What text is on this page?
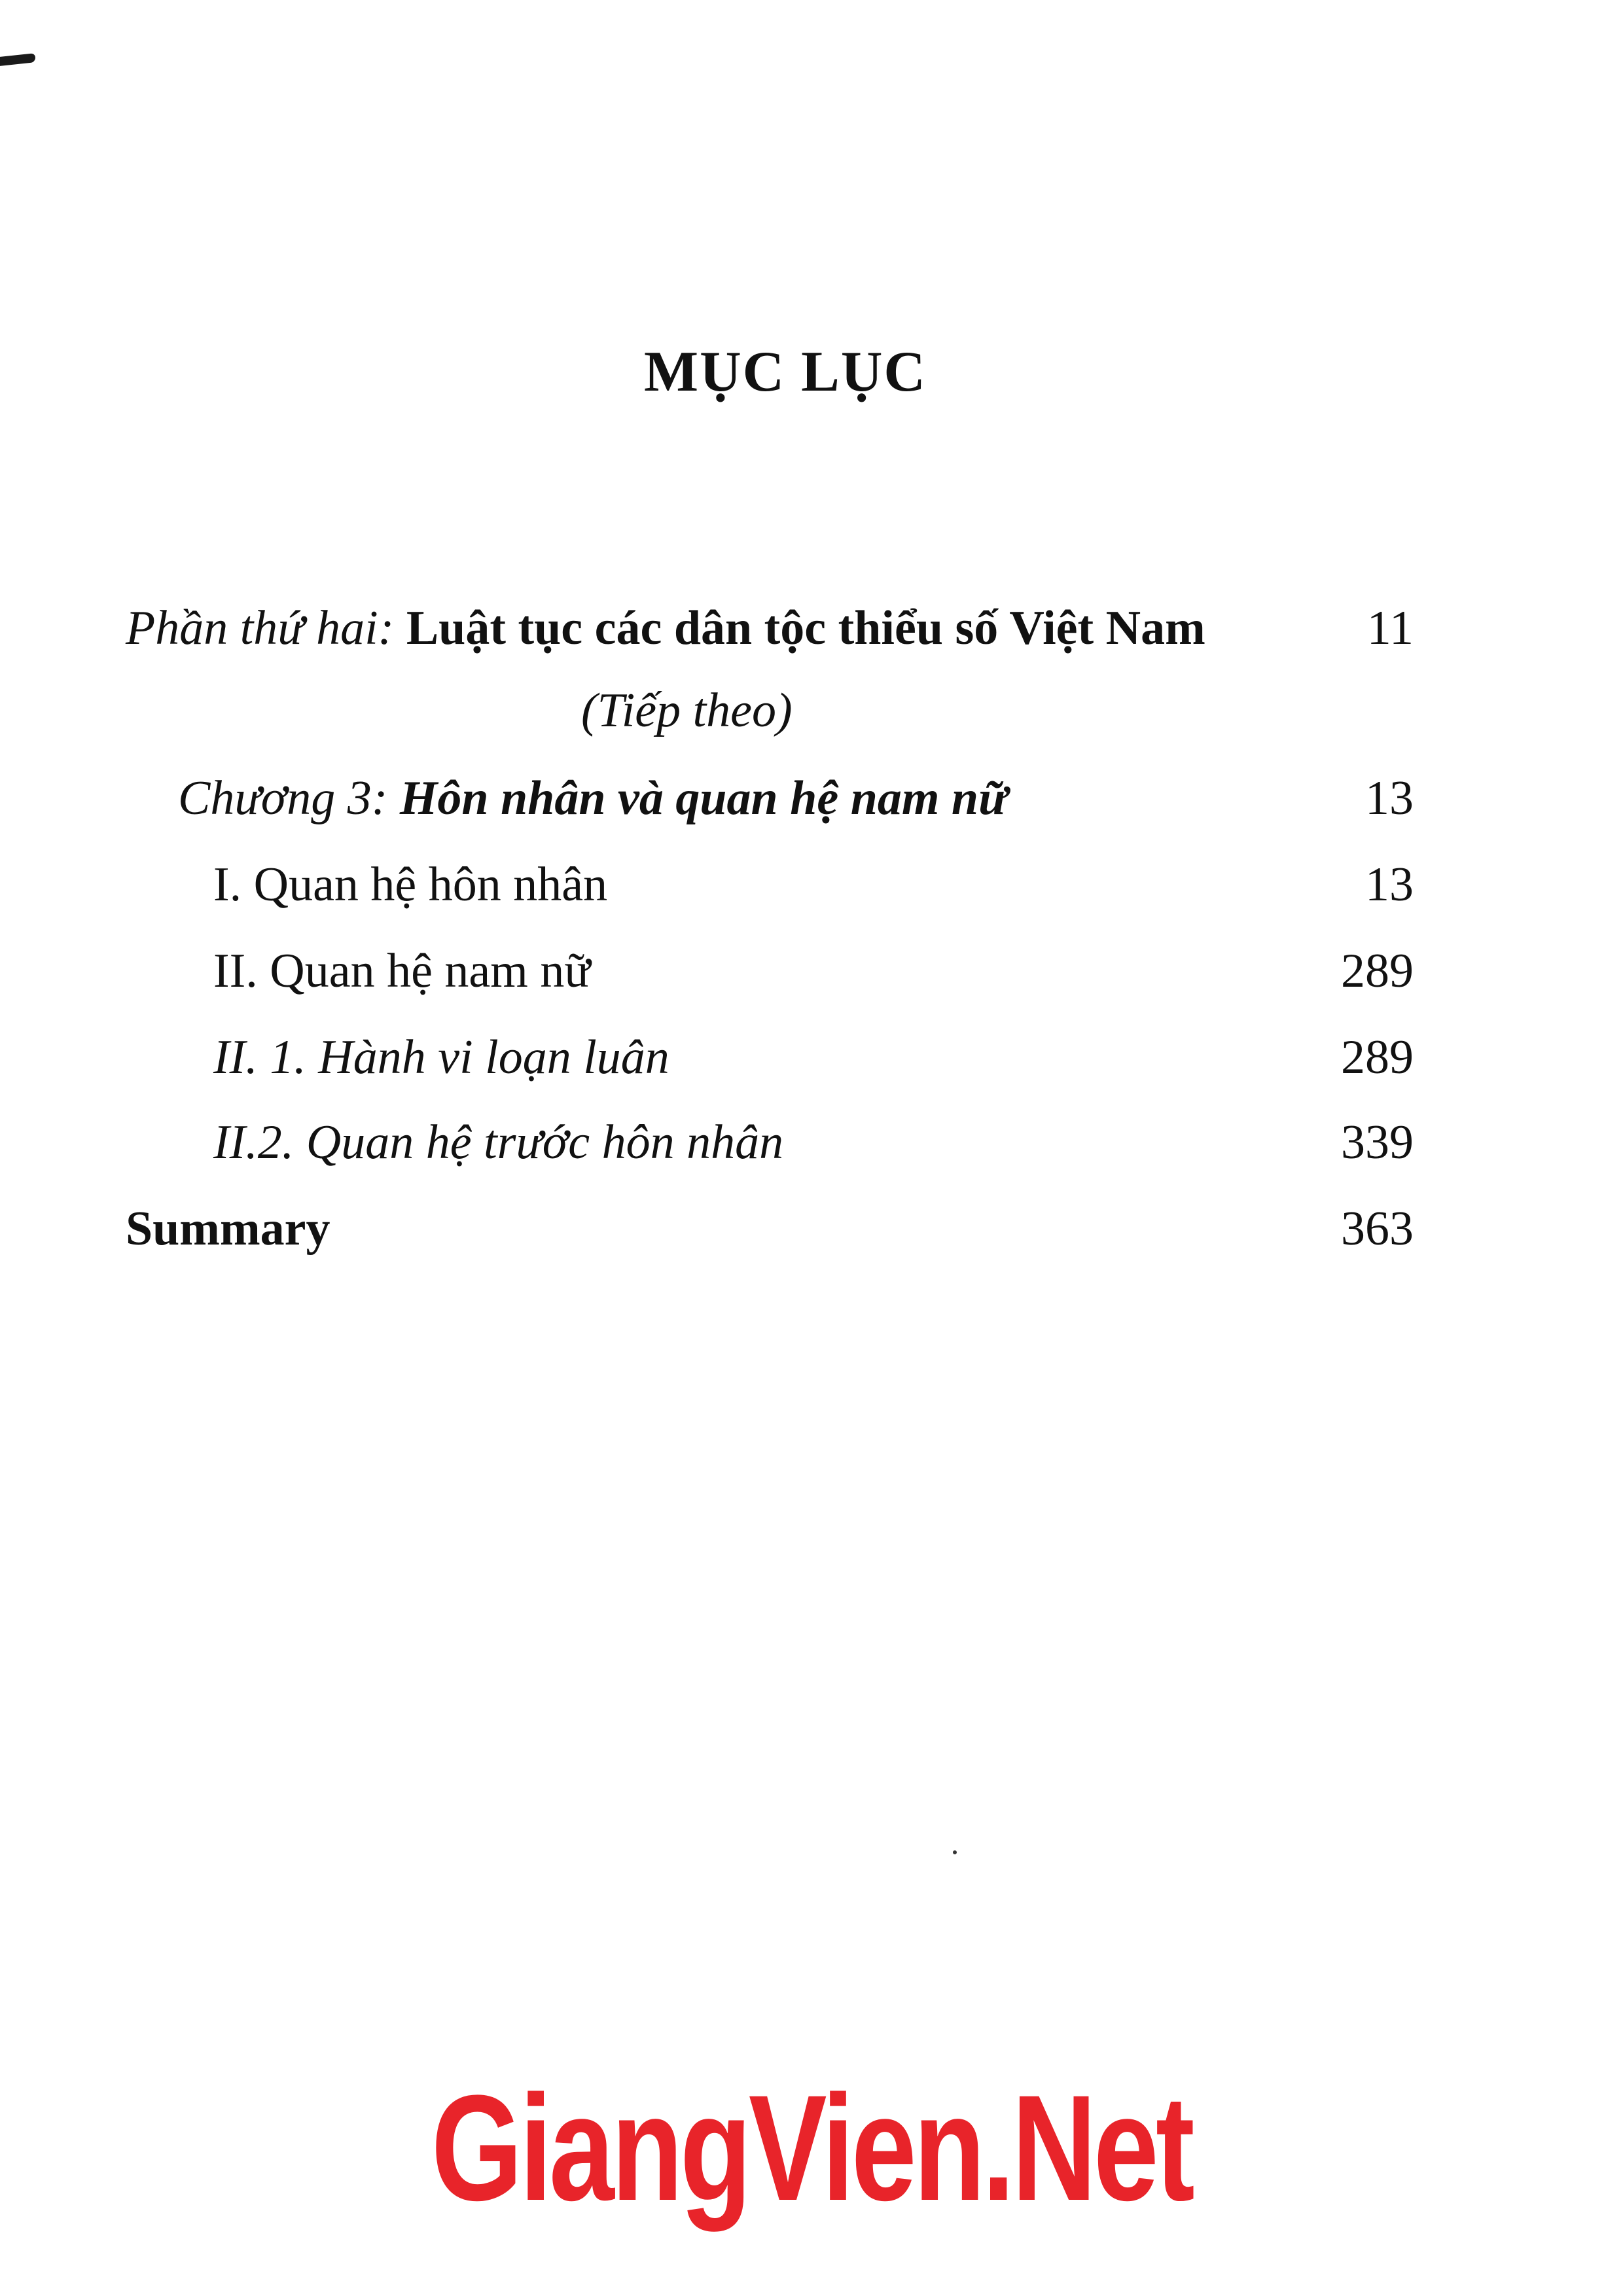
MỤC LỤC
Phần thứ hai: Luật tục các dân tộc thiểu số Việt Nam	11
(Tiếp theo)
Chương 3: Hôn nhân và quan hệ nam nữ	13
I. Quan hệ hôn nhân	13
II. Quan hệ nam nữ	289
II. 1. Hành vi loạn luân	289
II.2. Quan hệ trước hôn nhân	339
Summary	363
GiangVien.Net
